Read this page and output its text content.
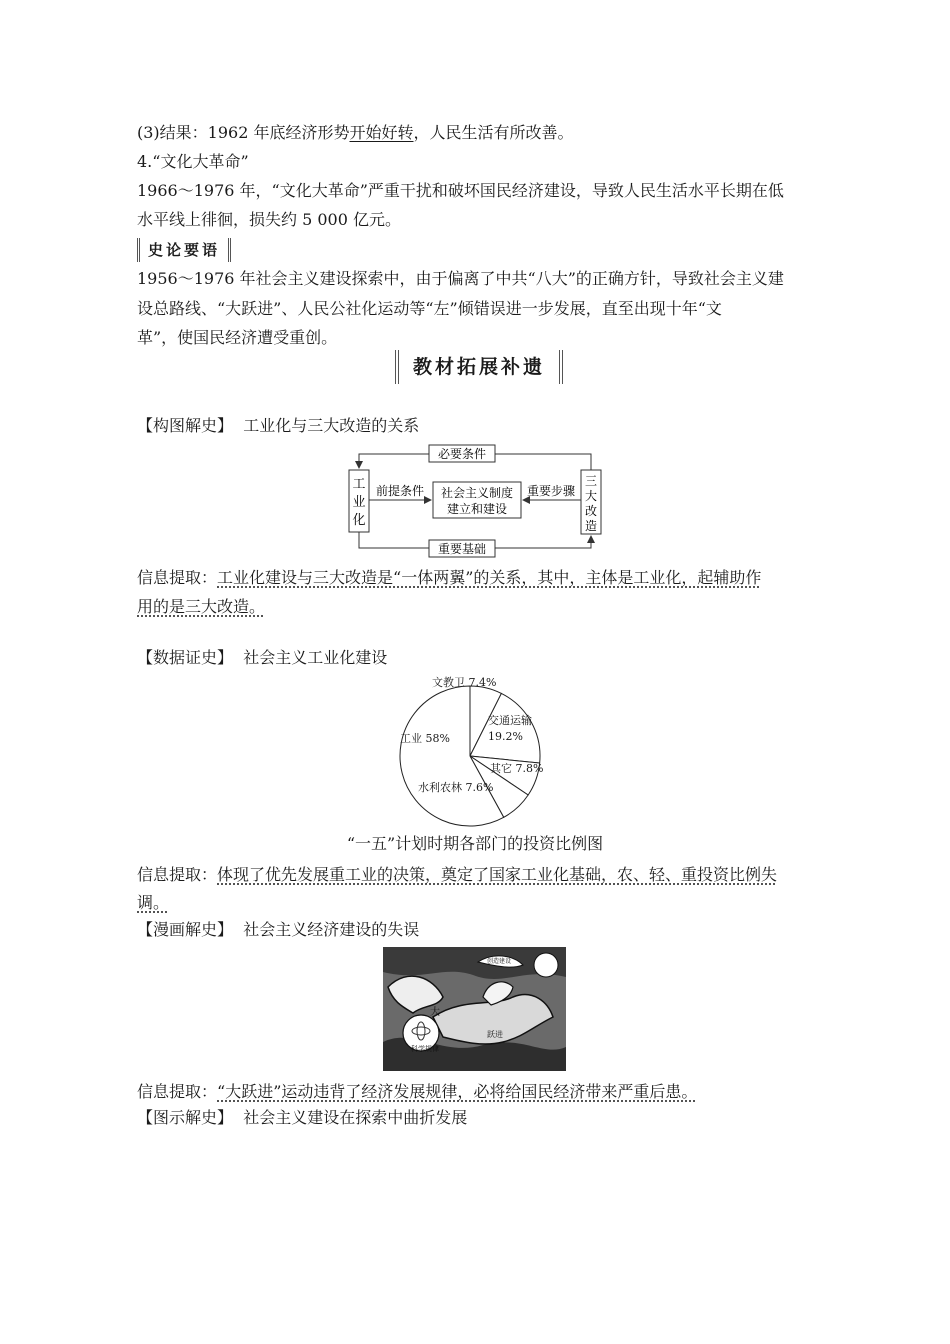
(3)结果：1962 年底经济形势开始好转，人民生活有所改善。
4.“文化大革命”
1966～1976 年，“文化大革命”严重干扰和破坏国民经济建设，导致人民生活水平长期在低
水平线上徘徊，损失约 5 000 亿元。
史论要语
1956～1976 年社会主义建设探索中，由于偏离了中共“八大”的正确方针，导致社会主义建
设总路线、“大跃进”、人民公社化运动等“左”倾错误进一步发展，直至出现十年“文
革”，使国民经济遭受重创。
教材拓展补遗
【构图解史】 工业化与三大改造的关系
工
业
化
三
大
改
造
社会主义制度
建立和建设
必要条件
重要基础
前提条件	重要步骤
信息提取：工业化建设与三大改造是“一体两翼”的关系，其中，主体是工业化，起辅助作
用的是三大改造。
【数据证史】 社会主义工业化建设
工业 58%
文教卫 7.4%
交通运输
19.2%
其它 7.8%
水利农林 7.6%
“一五”计划时期各部门的投资比例图
信息提取：体现了优先发展重工业的决策，奠定了国家工业化基础，农、轻、重投资比例失
调。
【漫画解史】 社会主义经济建设的失误
大
跃进
科学规律
创造建设
信息提取：“大跃进”运动违背了经济发展规律，必将给国民经济带来严重后患。
【图示解史】 社会主义建设在探索中曲折发展
